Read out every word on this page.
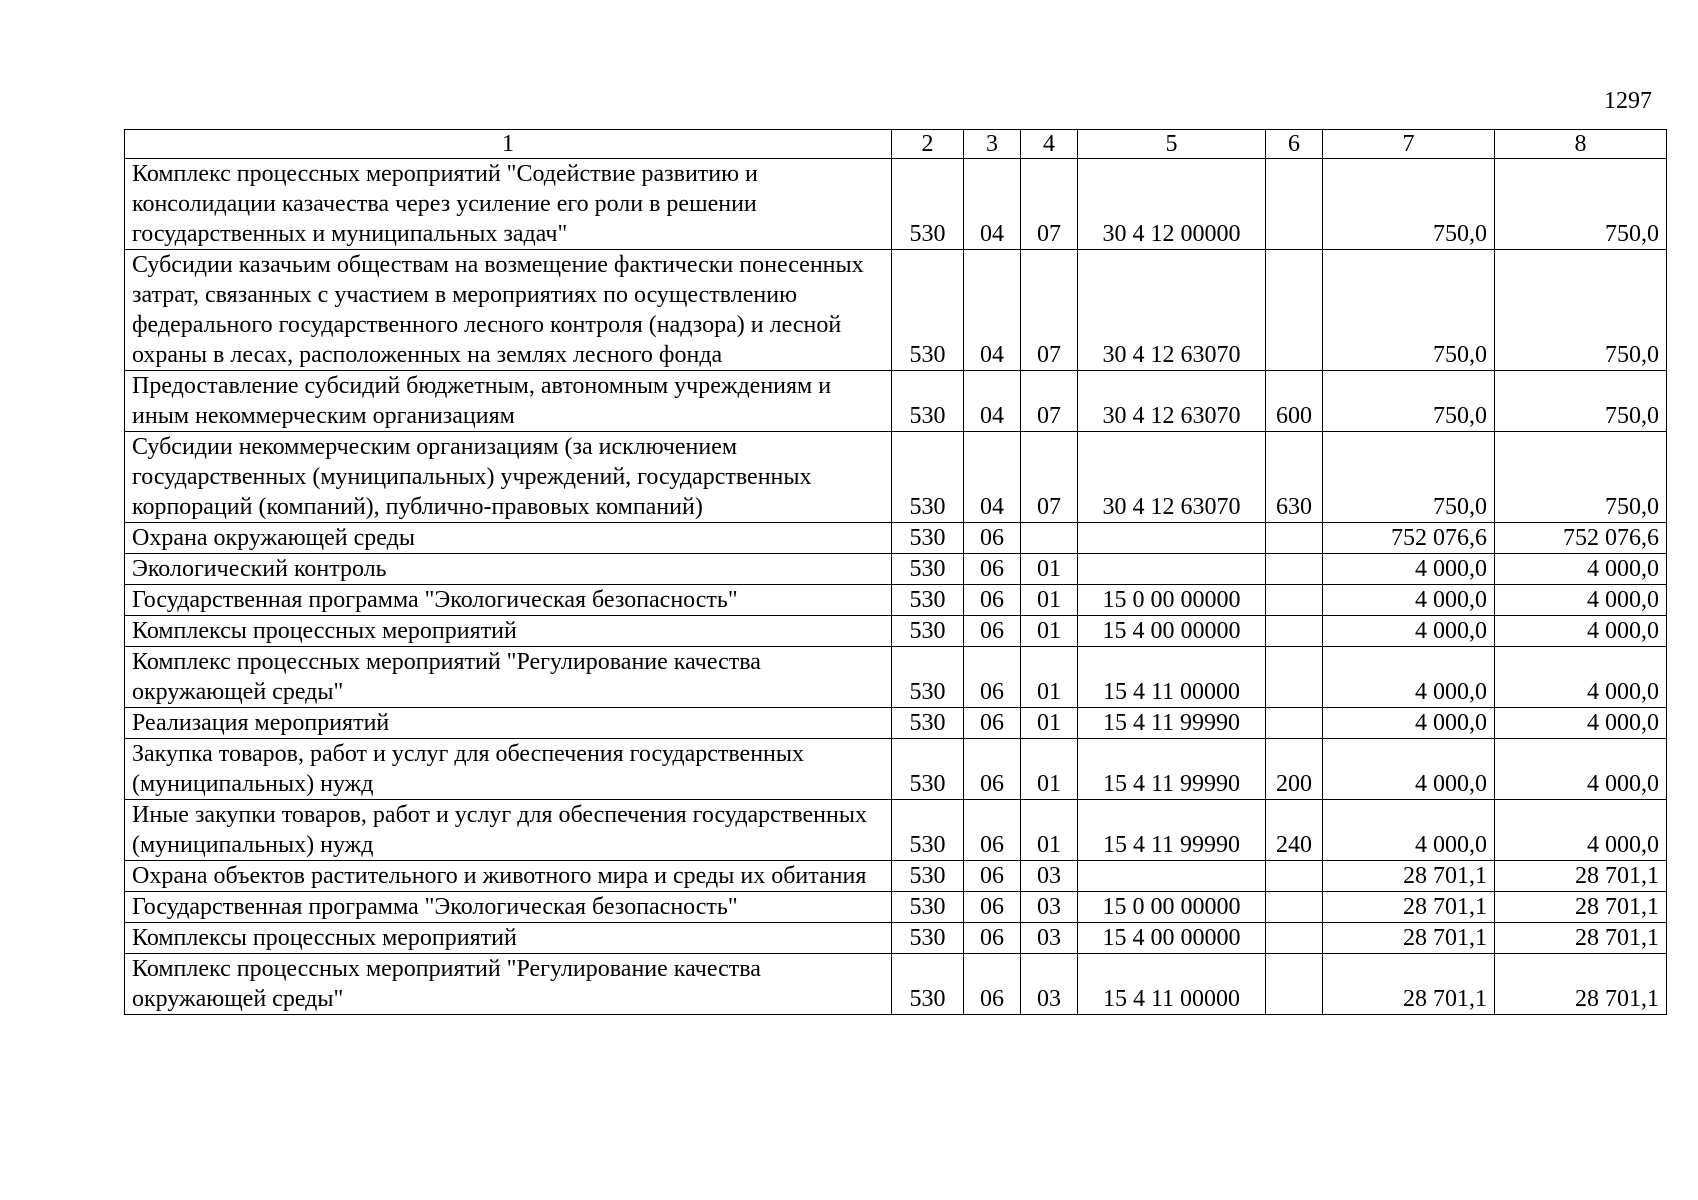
1297
1	2	3	4	5	6	7	8
Комплекс процессных мероприятий "Содействие развитию и консолидации казачества через усиление его роли в решении государственных и муниципальных задач"	530	04	07	30 4 12 00000		750,0	750,0
Субсидии казачьим обществам на возмещение фактически понесенных затрат, связанных с участием в мероприятиях по осуществлению федерального государственного лесного контроля (надзора) и лесной охраны в лесах, расположенных на землях лесного фонда	530	04	07	30 4 12 63070		750,0	750,0
Предоставление субсидий бюджетным, автономным учреждениям и иным некоммерческим организациям	530	04	07	30 4 12 63070	600	750,0	750,0
Субсидии некоммерческим организациям (за исключением государственных (муниципальных) учреждений, государственных корпораций (компаний), публично-правовых компаний)	530	04	07	30 4 12 63070	630	750,0	750,0
Охрана окружающей среды	530	06				752 076,6	752 076,6
Экологический контроль	530	06	01			4 000,0	4 000,0
Государственная программа "Экологическая безопасность"	530	06	01	15 0 00 00000		4 000,0	4 000,0
Комплексы процессных мероприятий	530	06	01	15 4 00 00000		4 000,0	4 000,0
Комплекс процессных мероприятий "Регулирование качества окружающей среды"	530	06	01	15 4 11 00000		4 000,0	4 000,0
Реализация мероприятий	530	06	01	15 4 11 99990		4 000,0	4 000,0
Закупка товаров, работ и услуг для обеспечения государственных (муниципальных) нужд	530	06	01	15 4 11 99990	200	4 000,0	4 000,0
Иные закупки товаров, работ и услуг для обеспечения государственных (муниципальных) нужд	530	06	01	15 4 11 99990	240	4 000,0	4 000,0
Охрана объектов растительного и животного мира и среды их обитания	530	06	03			28 701,1	28 701,1
Государственная программа "Экологическая безопасность"	530	06	03	15 0 00 00000		28 701,1	28 701,1
Комплексы процессных мероприятий	530	06	03	15 4 00 00000		28 701,1	28 701,1
Комплекс процессных мероприятий "Регулирование качества окружающей среды"	530	06	03	15 4 11 00000		28 701,1	28 701,1
